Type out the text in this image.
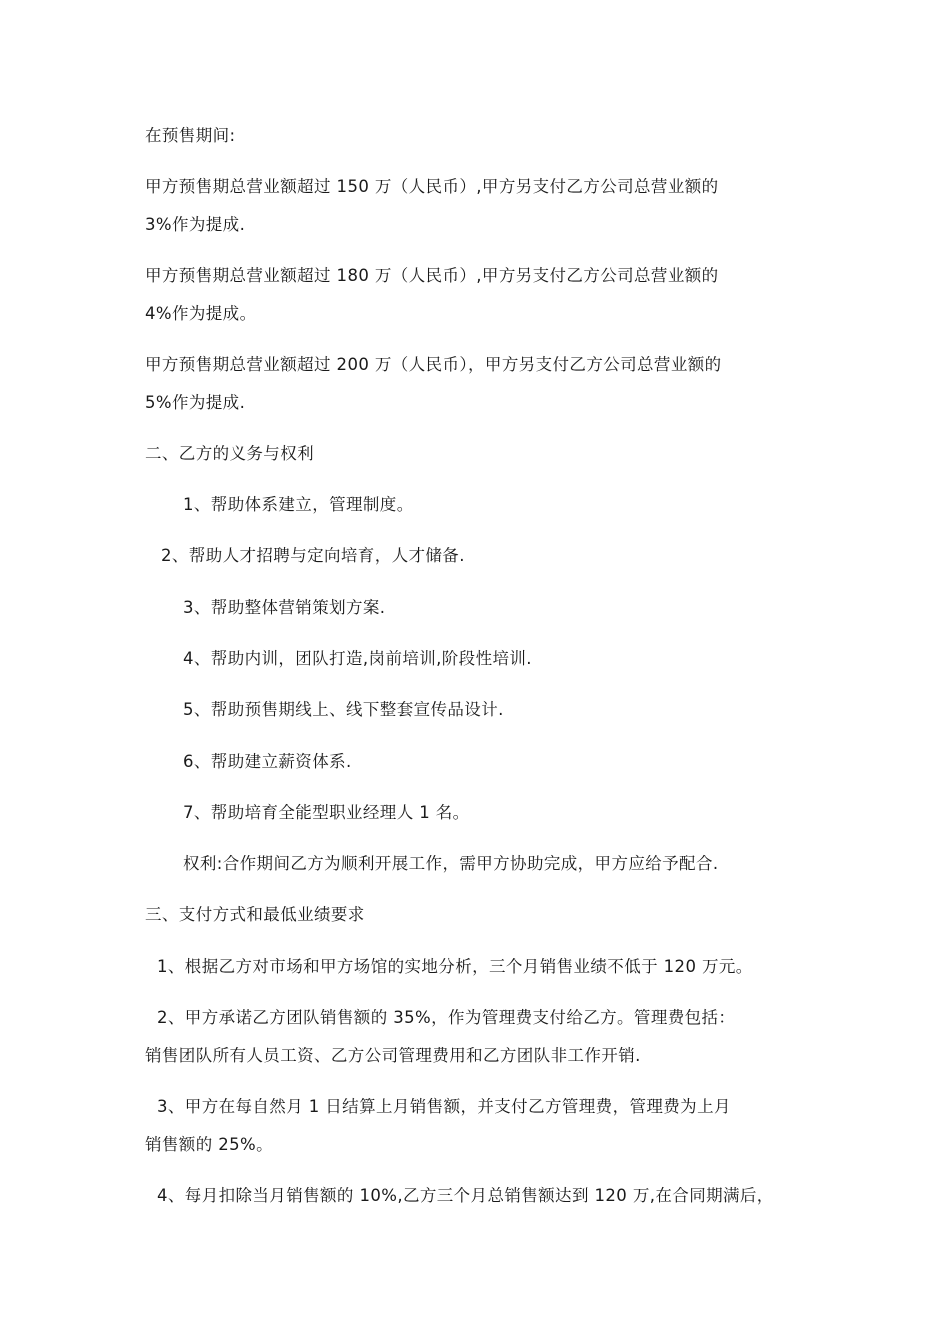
在预售期间:
甲方预售期总营业额超过 150 万（人民币）,甲方另支付乙方公司总营业额的
3%作为提成.
甲方预售期总营业额超过 180 万（人民币）,甲方另支付乙方公司总营业额的
4%作为提成。
甲方预售期总营业额超过 200 万（人民币），甲方另支付乙方公司总营业额的
5%作为提成.
二、乙方的义务与权利
1、帮助体系建立，管理制度。
2、帮助人才招聘与定向培育，人才储备.
3、帮助整体营销策划方案.
4、帮助内训，团队打造,岗前培训,阶段性培训.
5、帮助预售期线上、线下整套宣传品设计.
6、帮助建立薪资体系.
7、帮助培育全能型职业经理人 1 名。
权利:合作期间乙方为顺利开展工作，需甲方协助完成，甲方应给予配合.
三、支付方式和最低业绩要求
1、根据乙方对市场和甲方场馆的实地分析，三个月销售业绩不低于 120 万元。
2、甲方承诺乙方团队销售额的 35%，作为管理费支付给乙方。管理费包括：
销售团队所有人员工资、乙方公司管理费用和乙方团队非工作开销.
3、甲方在每自然月 1 日结算上月销售额，并支付乙方管理费，管理费为上月
销售额的 25%。
4、每月扣除当月销售额的 10%,乙方三个月总销售额达到 120 万,在合同期满后，
